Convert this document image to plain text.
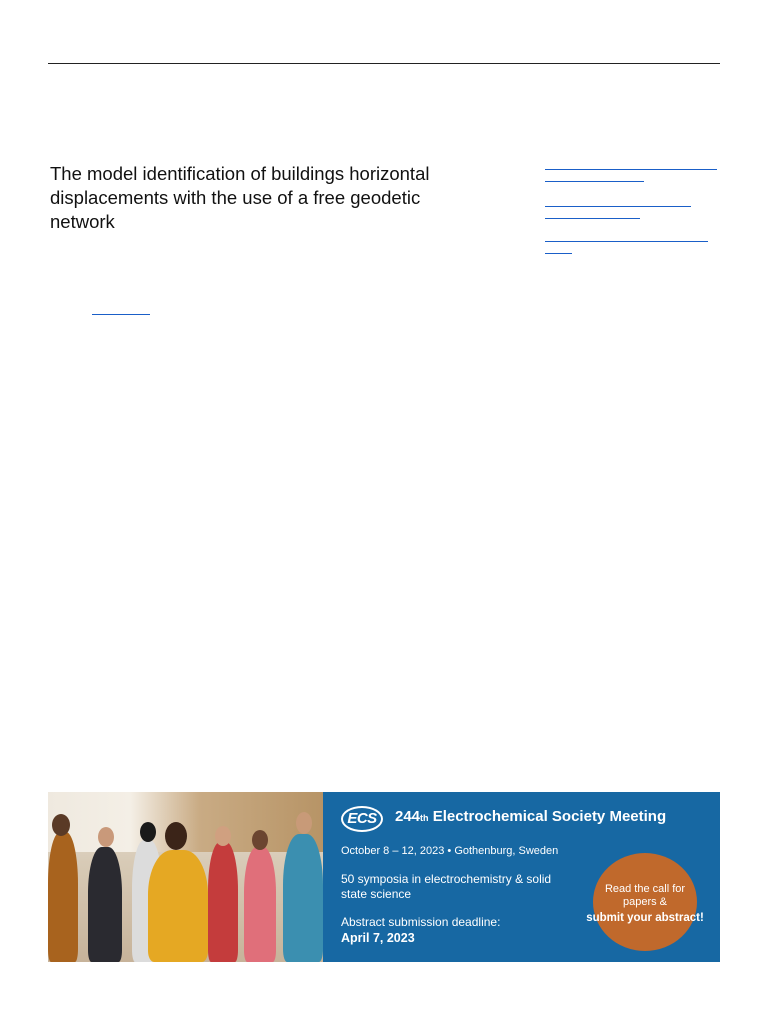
The model identification of buildings horizontal displacements with the use of a free geodetic network
ECS	244th Electrochemical Society Meeting
October 8 – 12, 2023 • Gothenburg, Sweden
50 symposia in electrochemistry & solid state science
Abstract submission deadline:
April 7, 2023
Read the call for papers &
submit your abstract!
